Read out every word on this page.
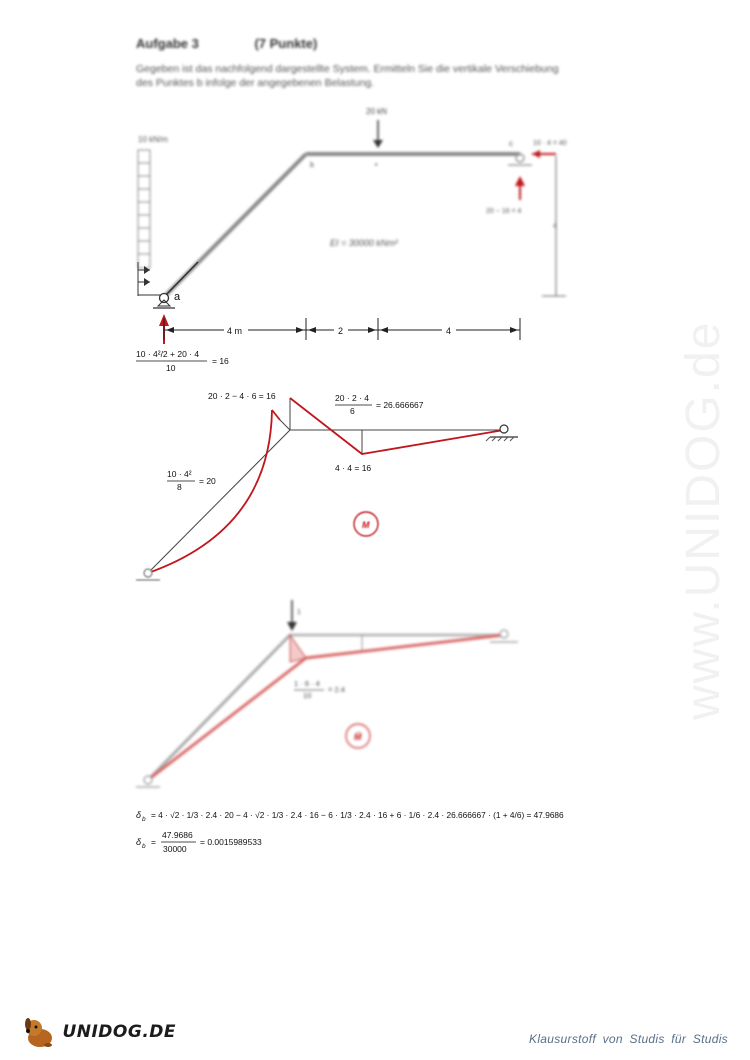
www.UNIDOG.de
Aufgabe 3	(7 Punkte)
Gegeben ist das nachfolgend dargestellte System. Ermitteln Sie die vertikale Verschiebung
des Punktes b infolge der angegebenen Belastung.
10 kN/m
20 kN
10 · 4 = 40
20 − 16 = 4
4
b	•
c
EI = 30000 kNm²
a
4 m	2	4
10 · 4²/2 + 20 · 4
10
= 16
20 · 2 − 4 · 6 = 16	20 · 2 · 4
6
= 26.666667
4 · 4 = 16
10 · 4²
8
= 20
M
1
1 · 6 · 4
10
= 2.4
M̄
δ b = 4 · √2 · 1/3 · 2.4 · 20 − 4 · √2 · 1/3 · 2.4 · 16 − 6 · 1/3 · 2.4 · 16 + 6 · 1/6 · 2.4 · 26.666667 · (1 + 4/6) = 47.9686
δ b =
47.9686
30000
= 0.0015989533
UNIDOG.DE	Klausurstoff von Studis für Studis
